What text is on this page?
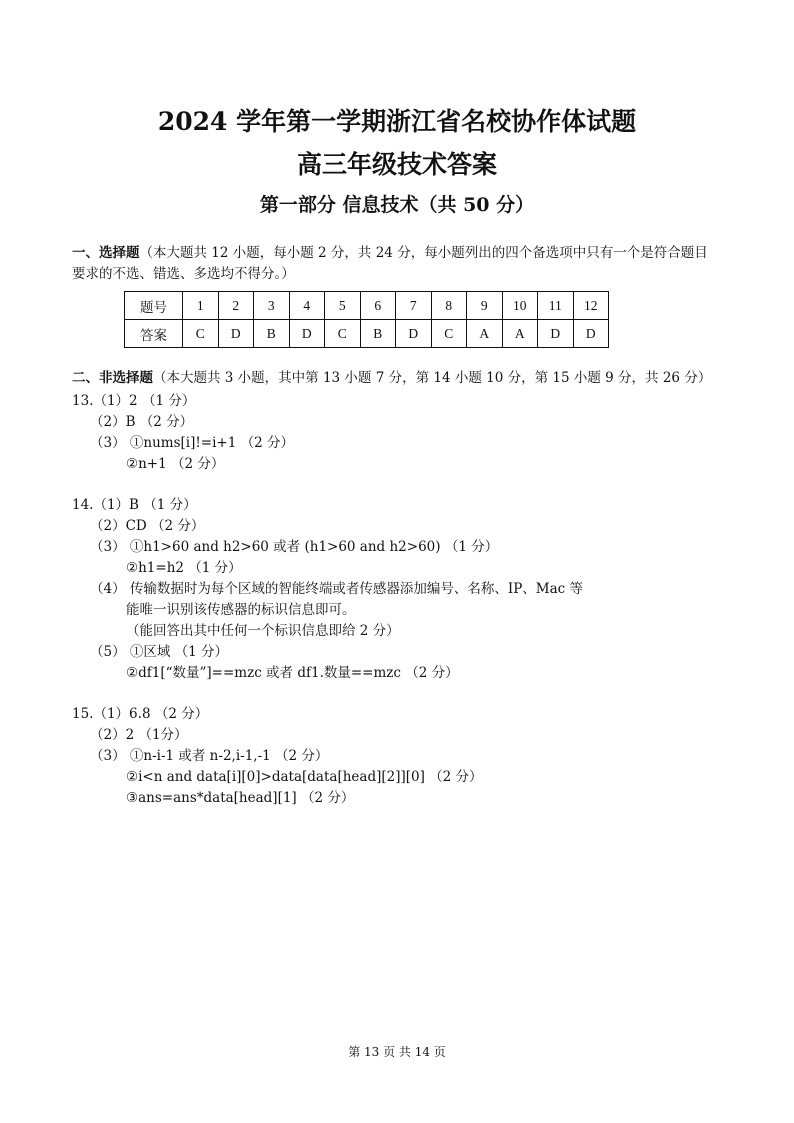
2024 学年第一学期浙江省名校协作体试题
高三年级技术答案
第一部分 信息技术（共 50 分）
一、选择题（本大题共 12 小题，每小题 2 分，共 24 分，每小题列出的四个备选项中只有一个是符合题目
要求的不选、错选、多选均不得分。）
题号	1	2	3	4	5	6	7	8	9	10	11	12
答案	C	D	B	D	C	B	D	C	A	A	D	D
二、非选择题（本大题共 3 小题，其中第 13 小题 7 分，第 14 小题 10 分，第 15 小题 9 分，共 26 分）
13.（1）2 （1 分）
（2）B （2 分）
（3） ①nums[i]!=i+1 （2 分）
②n+1 （2 分）
14.（1）B （1 分）
（2）CD （2 分）
（3） ①h1>60 and h2>60 或者 (h1>60 and h2>60) （1 分）
②h1=h2 （1 分）
（4） 传输数据时为每个区域的智能终端或者传感器添加编号、名称、IP、Mac 等
能唯一识别该传感器的标识信息即可。
（能回答出其中任何一个标识信息即给 2 分）
（5） ①区域 （1 分）
②df1[“数量”]==mzc 或者 df1.数量==mzc （2 分）
15.（1）6.8 （2 分）
（2）2 （1分）
（3） ①n-i-1 或者 n-2,i-1,-1 （2 分）
②i<n and data[i][0]>data[data[head][2]][0] （2 分）
③ans=ans*data[head][1] （2 分）
第 13 页 共 14 页
